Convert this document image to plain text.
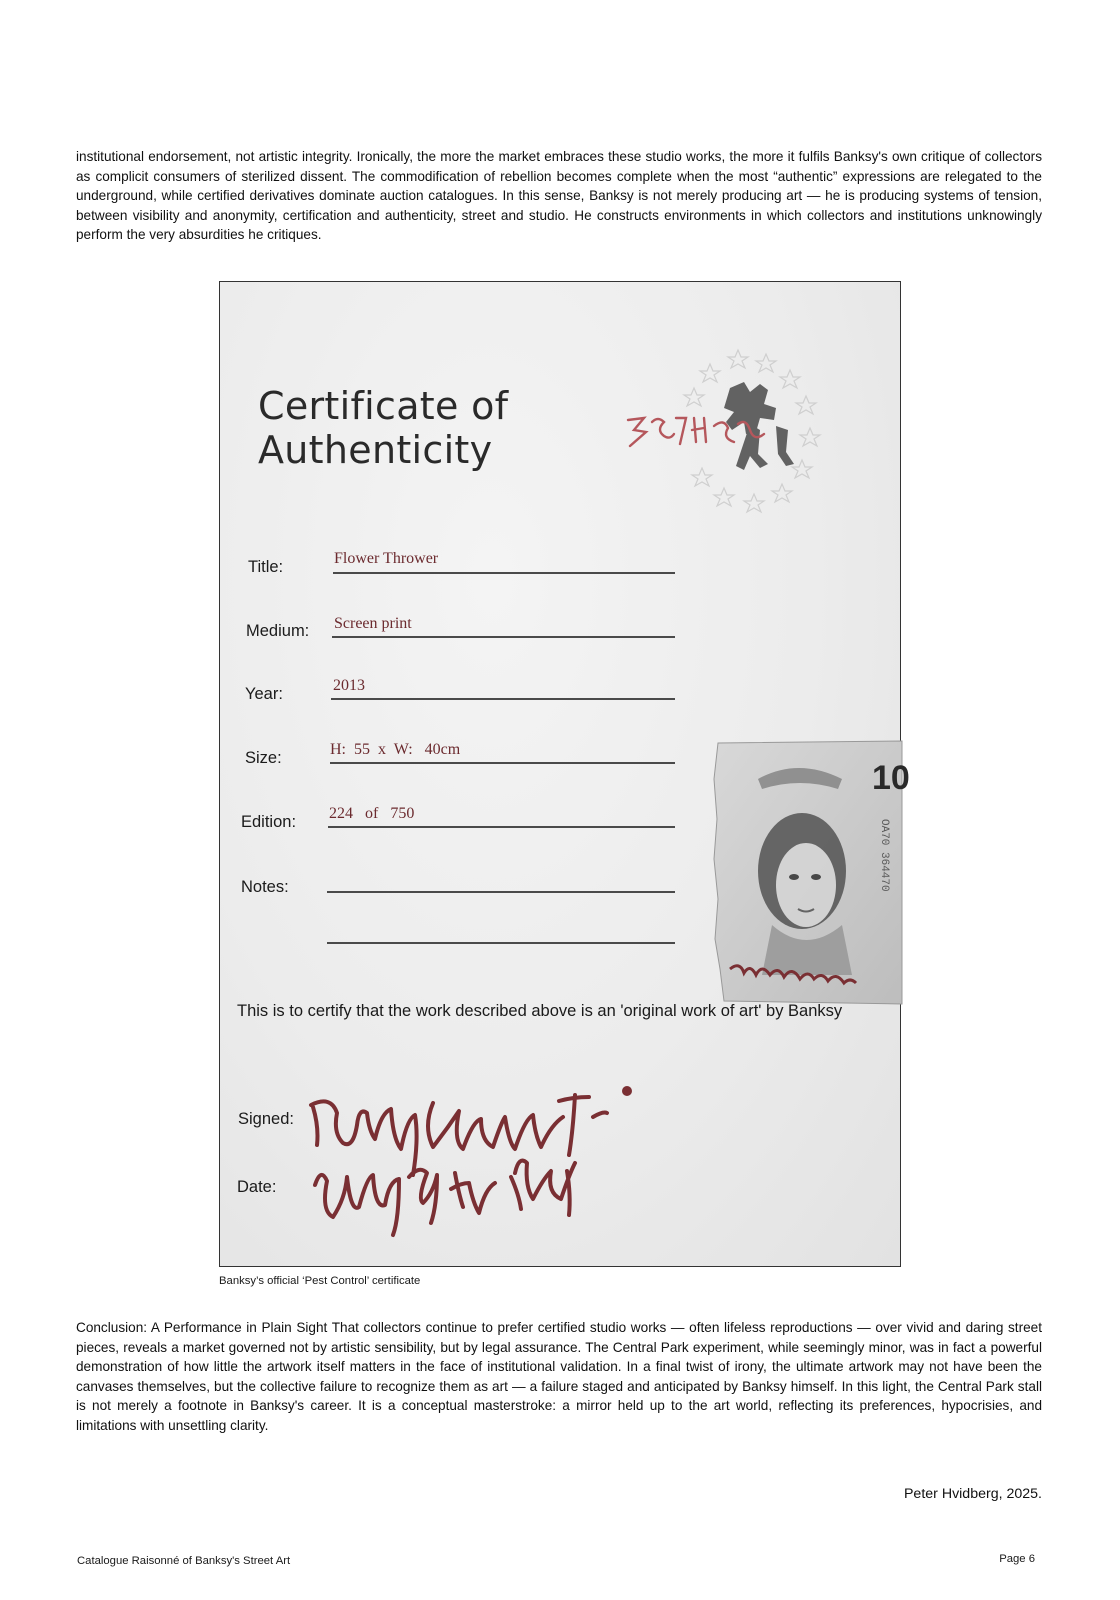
institutional endorsement, not artistic integrity. Ironically, the more the market embraces these studio works, the more it fulfils Banksy's own critique of collectors as complicit consumers of sterilized dissent. The commodification of rebellion becomes complete when the most “authentic” expressions are relegated to the underground, while certified derivatives dominate auction catalogues. In this sense, Banksy is not merely producing art — he is producing systems of tension, between visibility and anonymity, certification and authenticity, street and studio. He constructs environments in which collectors and institutions unknowingly perform the very absurdities he critiques.

Certificate of
Authenticity
Title:	Flower Thrower
Medium: Screen print
Year:	2013
Size:	H:  55  x  W:   40cm
Edition: 224   of   750
Notes:
10
OA70 364470
This is to certify that the work described above is an 'original work of art' by Banksy
Signed:
Date:
Banksy’s official ‘Pest Control’ certificate

Conclusion: A Performance in Plain Sight That collectors continue to prefer certified studio works — often lifeless reproductions — over vivid and daring street pieces, reveals a market governed not by artistic sensibility, but by legal assurance. The Central Park experiment, while seemingly minor, was in fact a powerful demonstration of how little the artwork itself matters in the face of institutional validation. In a final twist of irony, the ultimate artwork may not have been the canvases themselves, but the collective failure to recognize them as art — a failure staged and anticipated by Banksy himself. In this light, the Central Park stall is not merely a footnote in Banksy's career. It is a conceptual masterstroke: a mirror held up to the art world, reflecting its preferences, hypocrisies, and limitations with unsettling clarity.

Peter Hvidberg, 2025.
Catalogue Raisonné of Banksy's Street Art	Page 6
